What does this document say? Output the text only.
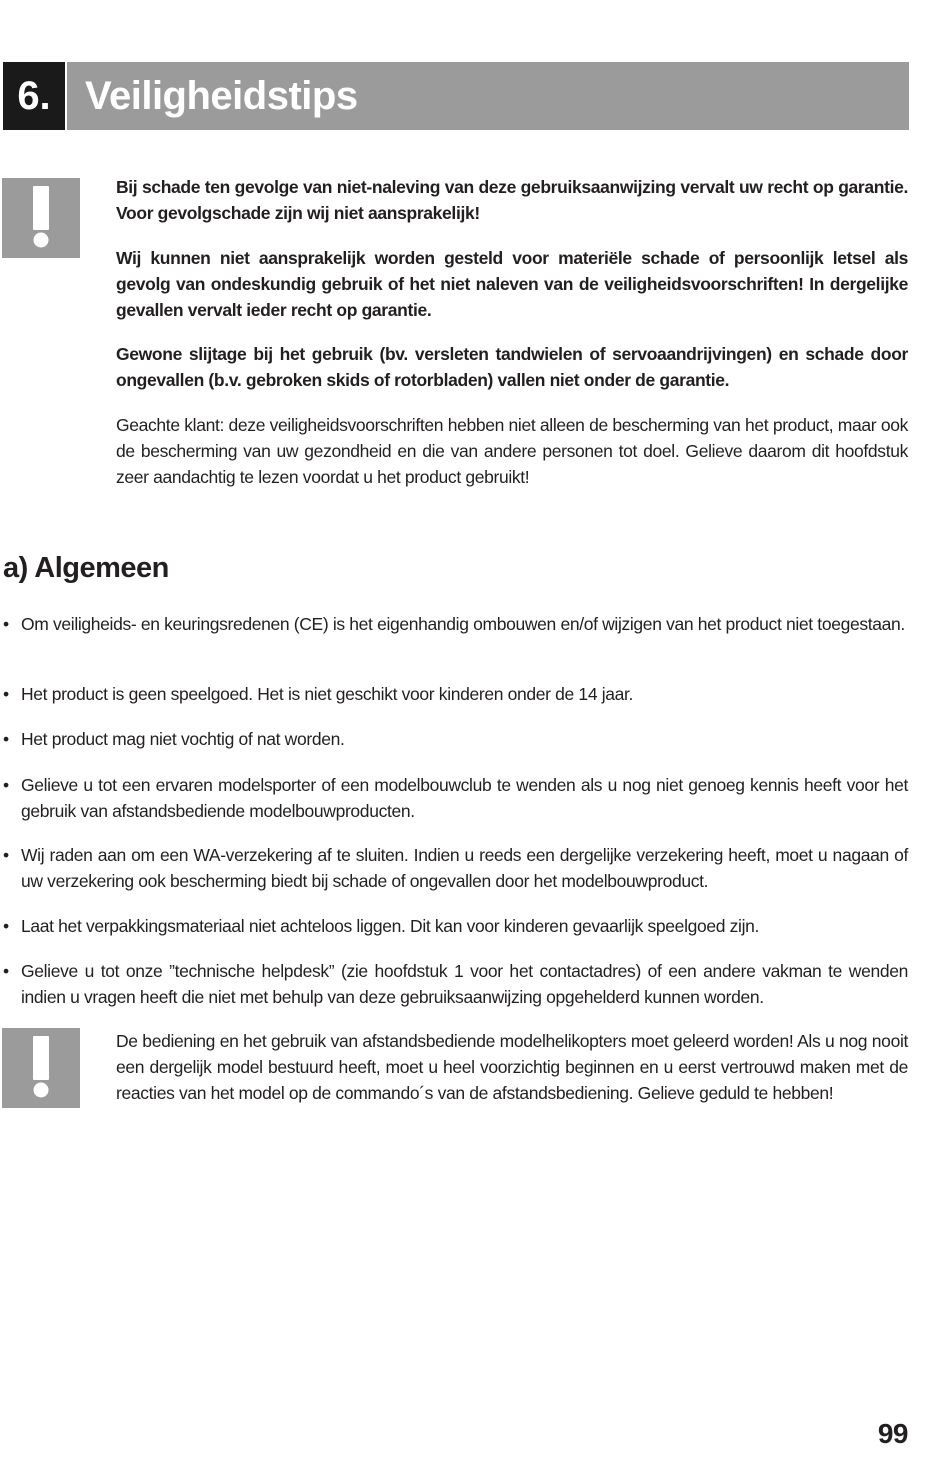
6. Veiligheidstips

Bij schade ten gevolge van niet-naleving van deze gebruiksaanwijzing vervalt uw recht op garantie. Voor gevolgschade zijn wij niet aansprakelijk!

Wij kunnen niet aansprakelijk worden gesteld voor materiële schade of persoonlijk letsel als gevolg van ondeskundig gebruik of het niet naleven van de veiligheidsvoorschriften! In dergelijke gevallen vervalt ieder recht op garantie.

Gewone slijtage bij het gebruik (bv. versleten tandwielen of servoaandrijvingen) en schade door ongevallen (b.v. gebroken skids of rotorbladen) vallen niet onder de garantie.

Geachte klant: deze veiligheidsvoorschriften hebben niet alleen de bescherming van het product, maar ook de bescherming van uw gezondheid en die van andere personen tot doel. Gelieve daarom dit hoofdstuk zeer aandachtig te lezen voordat u het product gebruikt!

a) Algemeen
• Om veiligheids- en keuringsredenen (CE) is het eigenhandig ombouwen en/of wijzigen van het product niet toegestaan.
• Het product is geen speelgoed. Het is niet geschikt voor kinderen onder de 14 jaar.
• Het product mag niet vochtig of nat worden.
• Gelieve u tot een ervaren modelsporter of een modelbouwclub te wenden als u nog niet genoeg kennis heeft voor het gebruik van afstandsbediende modelbouwproducten.
• Wij raden aan om een WA-verzekering af te sluiten. Indien u reeds een dergelijke verzekering heeft, moet u nagaan of uw verzekering ook bescherming biedt bij schade of ongevallen door het modelbouwproduct.
• Laat het verpakkingsmateriaal niet achteloos liggen. Dit kan voor kinderen gevaarlijk speelgoed zijn.
• Gelieve u tot onze ”technische helpdesk” (zie hoofdstuk 1 voor het contactadres) of een andere vakman te wenden indien u vragen heeft die niet met behulp van deze gebruiksaanwijzing opgehelderd kunnen worden.

De bediening en het gebruik van afstandsbediende modelhelikopters moet geleerd worden! Als u nog nooit een dergelijk model bestuurd heeft, moet u heel voorzichtig beginnen en u eerst vertrouwd maken met de reacties van het model op de commando´s van de afstandsbediening. Gelieve geduld te hebben!

99
